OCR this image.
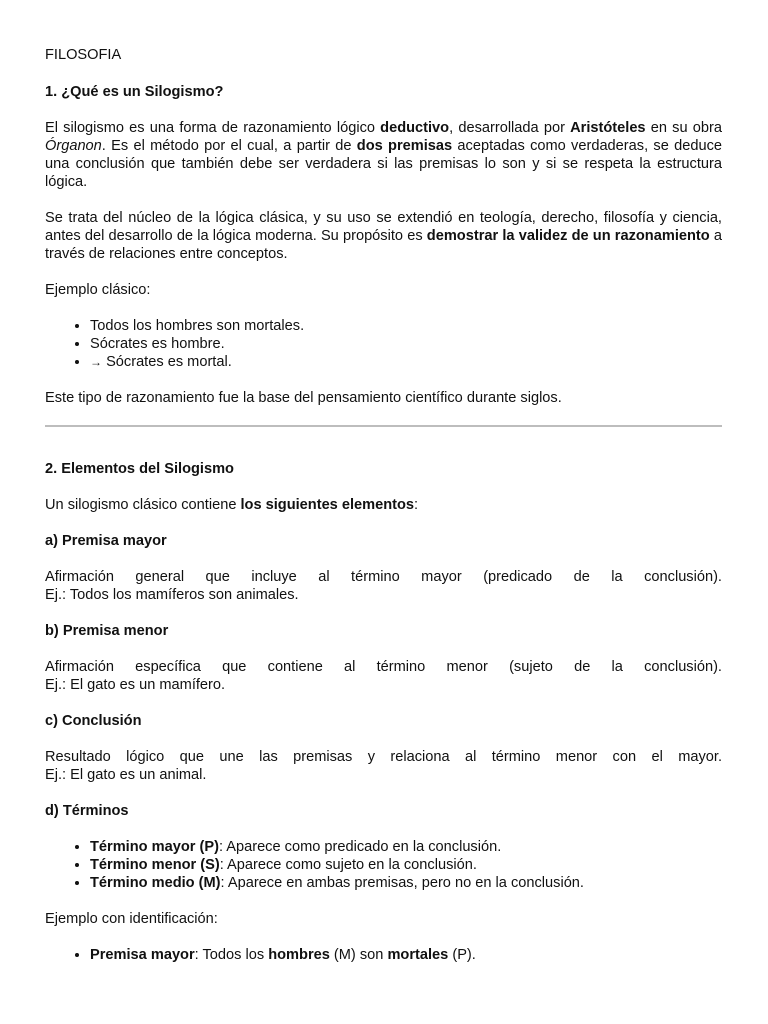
FILOSOFIA

1. ¿Qué es un Silogismo?

El silogismo es una forma de razonamiento lógico deductivo, desarrollada por Aristóteles en su obra Órganon. Es el método por el cual, a partir de dos premisas aceptadas como verdaderas, se deduce una conclusión que también debe ser verdadera si las premisas lo son y si se respeta la estructura lógica.

Se trata del núcleo de la lógica clásica, y su uso se extendió en teología, derecho, filosofía y ciencia, antes del desarrollo de la lógica moderna. Su propósito es demostrar la validez de un razonamiento a través de relaciones entre conceptos.

Ejemplo clásico:

• Todos los hombres son mortales.
• Sócrates es hombre.
• → Sócrates es mortal.

Este tipo de razonamiento fue la base del pensamiento científico durante siglos.

2. Elementos del Silogismo

Un silogismo clásico contiene los siguientes elementos:

a) Premisa mayor

Afirmación general que incluye al término mayor (predicado de la conclusión).

Ej.: Todos los mamíferos son animales.

b) Premisa menor

Afirmación específica que contiene al término menor (sujeto de la conclusión).

Ej.: El gato es un mamífero.

c) Conclusión

Resultado lógico que une las premisas y relaciona al término menor con el mayor.

Ej.: El gato es un animal.

d) Términos

• Término mayor (P): Aparece como predicado en la conclusión.
• Término menor (S): Aparece como sujeto en la conclusión.
• Término medio (M): Aparece en ambas premisas, pero no en la conclusión.

Ejemplo con identificación:

• Premisa mayor: Todos los hombres (M) son mortales (P).
